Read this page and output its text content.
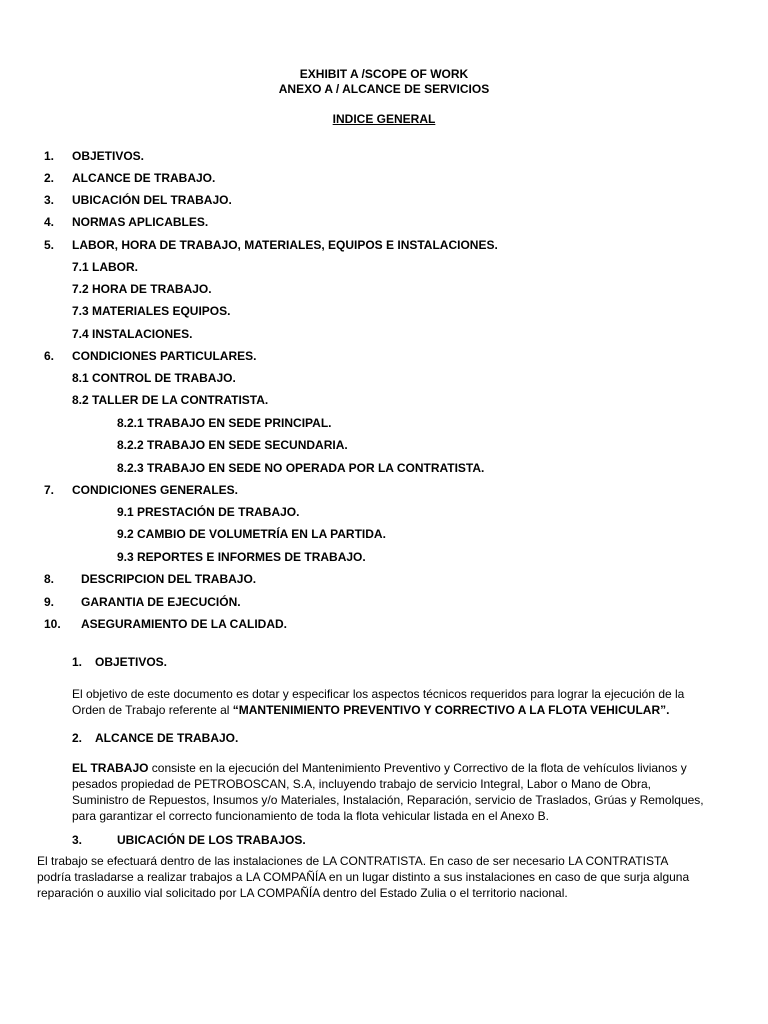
EXHIBIT A /SCOPE OF WORK
ANEXO A / ALCANCE DE SERVICIOS
INDICE GENERAL
1. OBJETIVOS.
2. ALCANCE DE TRABAJO.
3. UBICACIÓN DEL TRABAJO.
4. NORMAS APLICABLES.
5. LABOR, HORA DE TRABAJO, MATERIALES, EQUIPOS E INSTALACIONES.
7.1 LABOR.
7.2 HORA DE TRABAJO.
7.3 MATERIALES EQUIPOS.
7.4 INSTALACIONES.
6. CONDICIONES PARTICULARES.
8.1 CONTROL DE TRABAJO.
8.2 TALLER DE LA CONTRATISTA.
8.2.1 TRABAJO EN SEDE PRINCIPAL.
8.2.2 TRABAJO EN SEDE SECUNDARIA.
8.2.3 TRABAJO EN SEDE NO OPERADA POR LA CONTRATISTA.
7. CONDICIONES GENERALES.
9.1 PRESTACIÓN DE TRABAJO.
9.2 CAMBIO DE VOLUMETRÍA EN LA PARTIDA.
9.3 REPORTES E INFORMES DE TRABAJO.
8. DESCRIPCION DEL TRABAJO.
9. GARANTIA DE EJECUCIÓN.
10. ASEGURAMIENTO DE LA CALIDAD.
1. OBJETIVOS.
El objetivo de este documento es dotar y especificar los aspectos técnicos requeridos para lograr la ejecución de la
Orden de Trabajo referente al “MANTENIMIENTO PREVENTIVO Y CORRECTIVO A LA FLOTA VEHICULAR”.
2. ALCANCE DE TRABAJO.
EL TRABAJO consiste en la ejecución del Mantenimiento Preventivo y Correctivo de la flota de vehículos livianos y
pesados propiedad de PETROBOSCAN, S.A, incluyendo trabajo de servicio Integral, Labor o Mano de Obra,
Suministro de Repuestos, Insumos y/o Materiales, Instalación, Reparación, servicio de Traslados, Grúas y Remolques,
para garantizar el correcto funcionamiento de toda la flota vehicular listada en el Anexo B.
3.	UBICACIÓN DE LOS TRABAJOS.
El trabajo se efectuará dentro de las instalaciones de LA CONTRATISTA. En caso de ser necesario LA CONTRATISTA
podría trasladarse a realizar trabajos a LA COMPAÑÍA en un lugar distinto a sus instalaciones en caso de que surja alguna
reparación o auxilio vial solicitado por LA COMPAÑÍA dentro del Estado Zulia o el territorio nacional.
